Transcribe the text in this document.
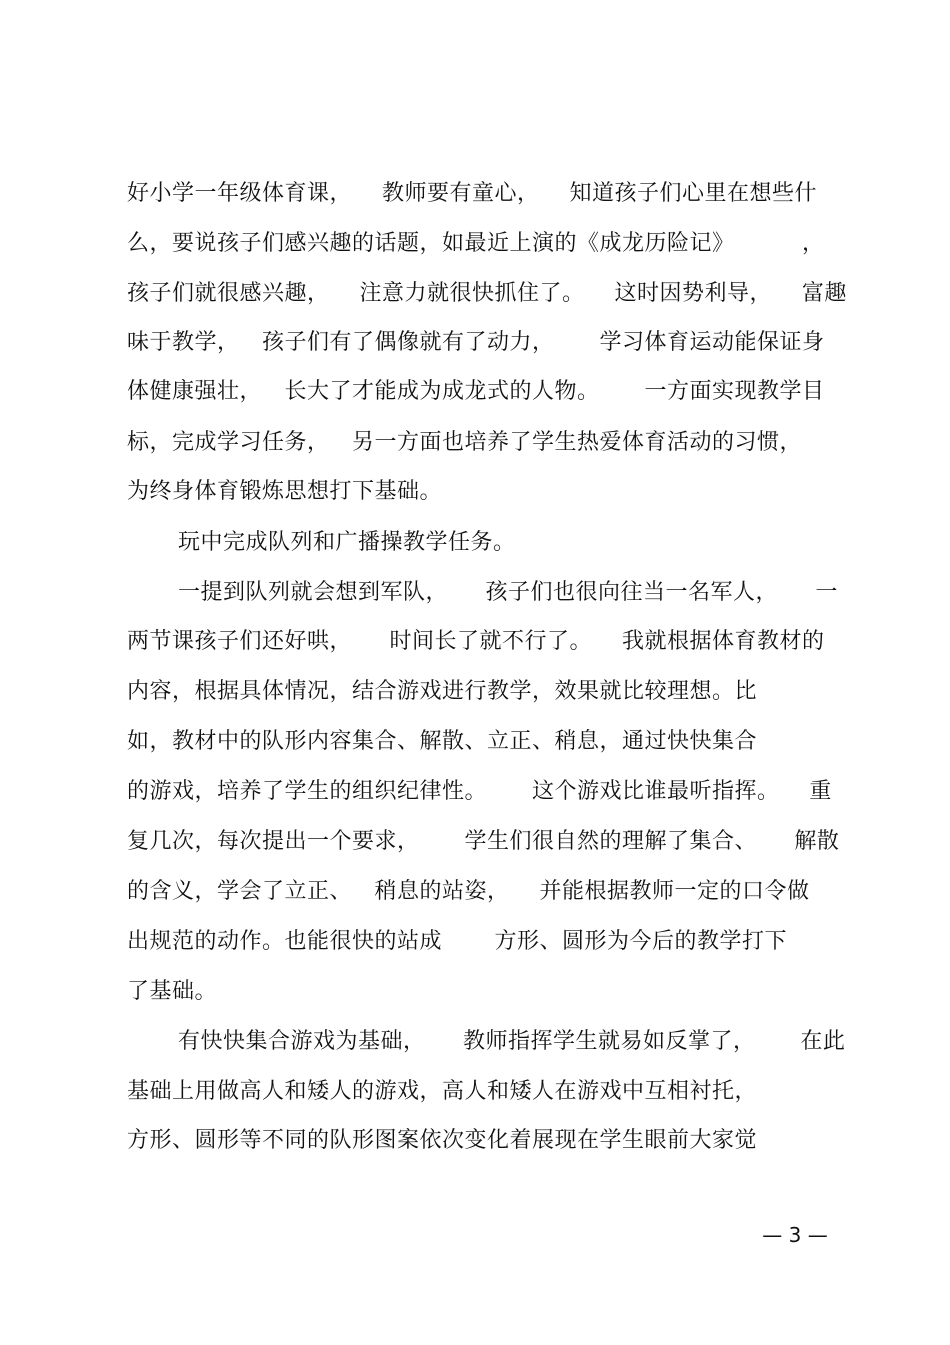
好小学一年级体育课，    教师要有童心，    知道孩子们心里在想些什
么，要说孩子们感兴趣的话题，如最近上演的《成龙历险记》         ，
孩子们就很感兴趣，    注意力就很快抓住了。    这时因势利导，    富趣
味于教学，   孩子们有了偶像就有了动力，      学习体育运动能保证身
体健康强壮，   长大了才能成为成龙式的人物。      一方面实现教学目
标，完成学习任务，   另一方面也培养了学生热爱体育活动的习惯，
为终身体育锻炼思想打下基础。
玩中完成队列和广播操教学任务。
一提到队列就会想到军队，     孩子们也很向往当一名军人，     一
两节课孩子们还好哄，     时间长了就不行了。    我就根据体育教材的
内容，根据具体情况，结合游戏进行教学，效果就比较理想。比
如，教材中的队形内容集合、解散、立正、稍息，通过快快集合
的游戏，培养了学生的组织纪律性。      这个游戏比谁最听指挥。    重
复几次，每次提出一个要求，      学生们很自然的理解了集合、     解散
的含义，学会了立正、   稍息的站姿，    并能根据教师一定的口令做
出规范的动作。也能很快的站成       方形、圆形为今后的教学打下
了基础。
有快快集合游戏为基础，     教师指挥学生就易如反掌了，      在此
基础上用做高人和矮人的游戏，高人和矮人在游戏中互相衬托，
方形、圆形等不同的队形图案依次变化着展现在学生眼前大家觉
— 3 —
